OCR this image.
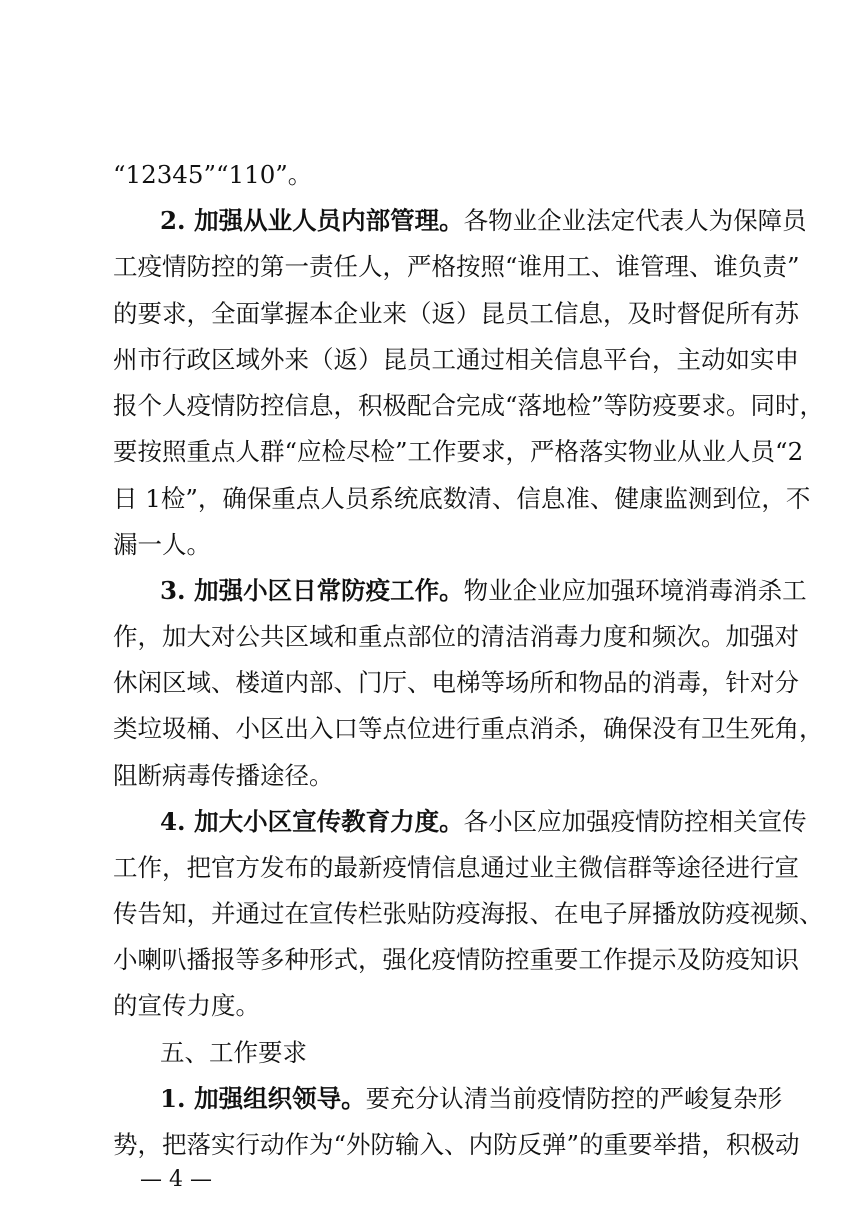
“12345”“110”。
2. 加强从业人员内部管理。各物业企业法定代表人为保障员
工疫情防控的第一责任人，严格按照“谁用工、谁管理、谁负责”
的要求，全面掌握本企业来（返）昆员工信息，及时督促所有苏
州市行政区域外来（返）昆员工通过相关信息平台，主动如实申
报个人疫情防控信息，积极配合完成“落地检”等防疫要求。同时，
要按照重点人群“应检尽检”工作要求，严格落实物业从业人员“2
日 1检”，确保重点人员系统底数清、信息准、健康监测到位，不
漏一人。
3. 加强小区日常防疫工作。物业企业应加强环境消毒消杀工
作，加大对公共区域和重点部位的清洁消毒力度和频次。加强对
休闲区域、楼道内部、门厅、电梯等场所和物品的消毒，针对分
类垃圾桶、小区出入口等点位进行重点消杀，确保没有卫生死角，
阻断病毒传播途径。
4. 加大小区宣传教育力度。各小区应加强疫情防控相关宣传
工作，把官方发布的最新疫情信息通过业主微信群等途径进行宣
传告知，并通过在宣传栏张贴防疫海报、在电子屏播放防疫视频、
小喇叭播报等多种形式，强化疫情防控重要工作提示及防疫知识
的宣传力度。
五、工作要求
1. 加强组织领导。要充分认清当前疫情防控的严峻复杂形
势，把落实行动作为“外防输入、内防反弹”的重要举措，积极动
— 4 —
